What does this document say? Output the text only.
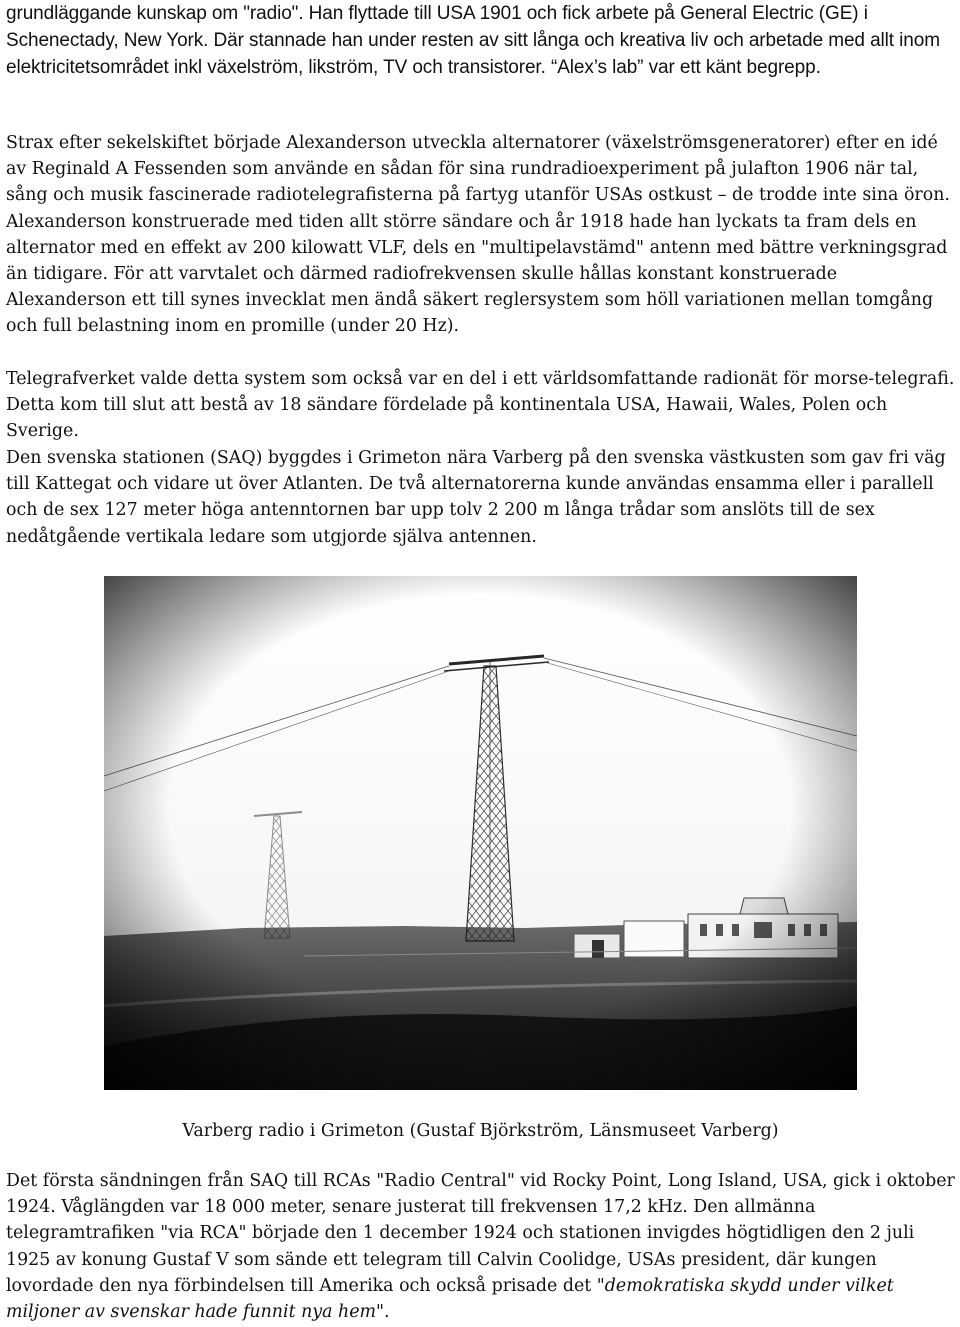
grundläggande kunskap om "radio". Han flyttade till USA 1901 och fick arbete på General Electric (GE) i Schenectady, New York. Där stannade han under resten av sitt långa och kreativa liv och arbetade med allt inom elektricitetsområdet inkl växelström, likström, TV och transistorer. “Alex’s lab” var ett känt begrepp.

Strax efter sekelskiftet började Alexanderson utveckla alternatorer (växelströmsgeneratorer) efter en idé av Reginald A Fessenden som använde en sådan för sina rundradioexperiment på julafton 1906 när tal, sång och musik fascinerade radiotelegrafisterna på fartyg utanför USAs ostkust – de trodde inte sina öron. Alexanderson konstruerade med tiden allt större sändare och år 1918 hade han lyckats ta fram dels en alternator med en effekt av 200 kilowatt VLF, dels en "multipelavstämd" antenn med bättre verkningsgrad än tidigare. För att varvtalet och därmed radiofrekvensen skulle hållas konstant konstruerade Alexanderson ett till synes invecklat men ändå säkert reglersystem som höll variationen mellan tomgång och full belastning inom en promille (under 20 Hz).

Telegrafverket valde detta system som också var en del i ett världsomfattande radionät för morse-telegrafi. Detta kom till slut att bestå av 18 sändare fördelade på kontinentala USA, Hawaii, Wales, Polen och Sverige.

Den svenska stationen (SAQ) byggdes i Grimeton nära Varberg på den svenska västkusten som gav fri väg till Kattegat och vidare ut över Atlanten. De två alternatorerna kunde användas ensamma eller i parallell och de sex 127 meter höga antenntornen bar upp tolv 2 200 m långa trådar som anslöts till de sex nedåtgående vertikala ledare som utgjorde själva antennen.

Varberg radio i Grimeton (Gustaf Björkström, Länsmuseet Varberg)

Det första sändningen från SAQ till RCAs "Radio Central" vid Rocky Point, Long Island, USA, gick i oktober 1924. Våglängden var 18 000 meter, senare justerat till frekvensen 17,2 kHz. Den allmänna telegramtrafiken "via RCA" började den 1 december 1924 och stationen invigdes högtidligen den 2 juli 1925 av konung Gustaf V som sände ett telegram till Calvin Coolidge, USAs president, där kungen lovordade den nya förbindelsen till Amerika och också prisade det "demokratiska skydd under vilket miljoner av svenskar hade funnit nya hem".
